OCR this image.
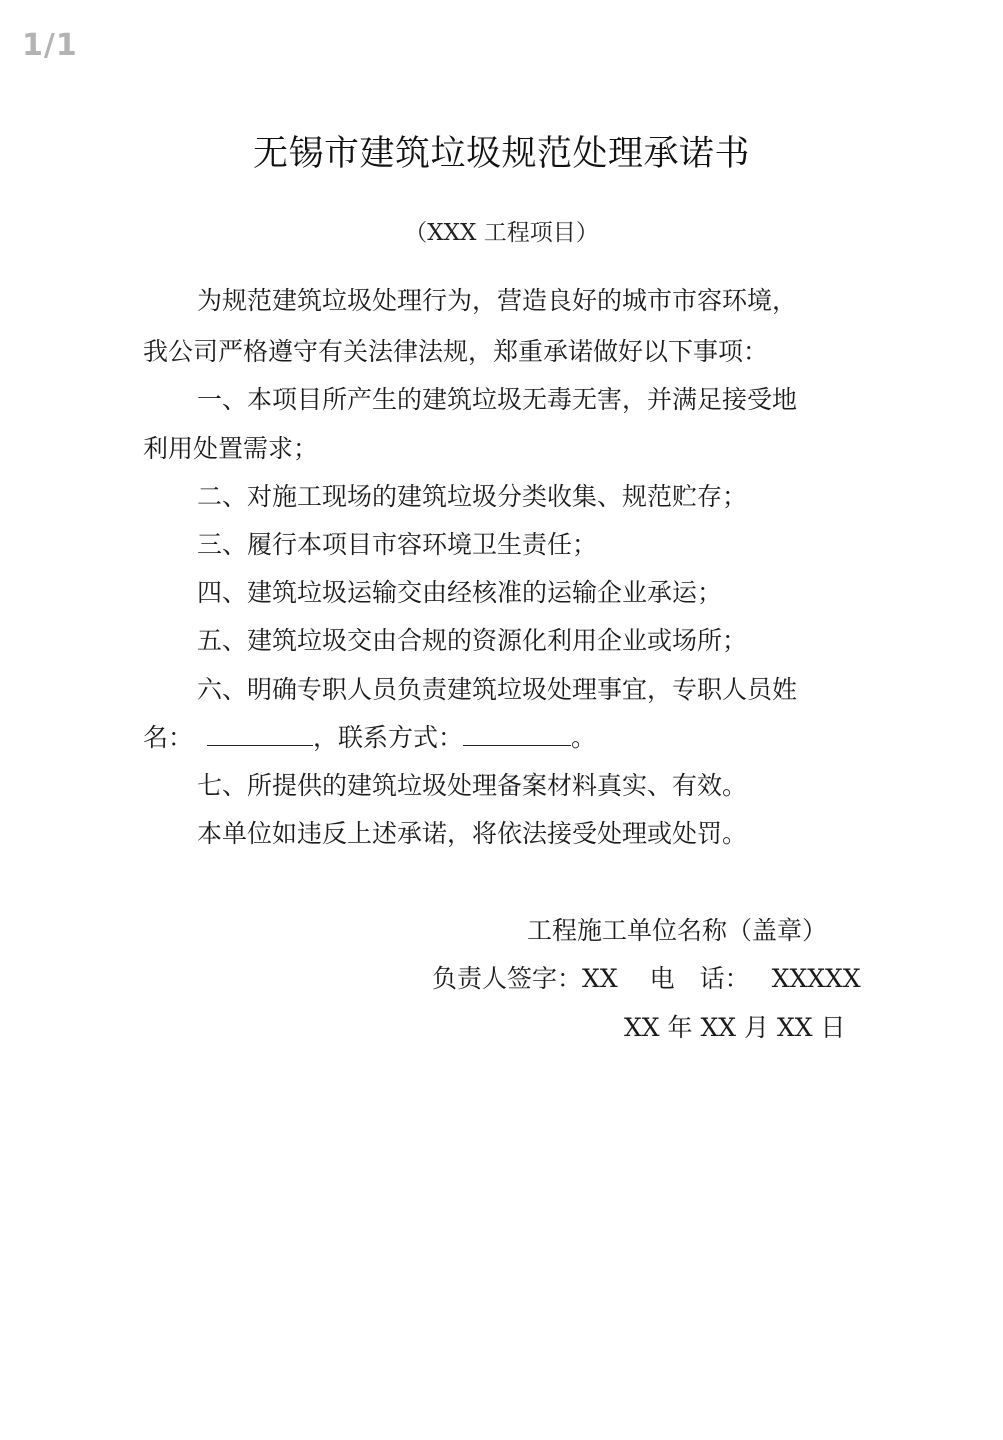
1/1
无锡市建筑垃圾规范处理承诺书
（XXX 工程项目）
为规范建筑垃圾处理行为，营造良好的城市市容环境，
我公司严格遵守有关法律法规，郑重承诺做好以下事项：
一、本项目所产生的建筑垃圾无毒无害，并满足接受地
利用处置需求；
二、对施工现场的建筑垃圾分类收集、规范贮存；
三、履行本项目市容环境卫生责任；
四、建筑垃圾运输交由经核准的运输企业承运；
五、建筑垃圾交由合规的资源化利用企业或场所；
六、明确专职人员负责建筑垃圾处理事宜，专职人员姓
名：	，联系方式：	。
七、所提供的建筑垃圾处理备案材料真实、有效。
本单位如违反上述承诺，将依法接受处理或处罚。
工程施工单位名称（盖章）
负责人签字：XX 电　话： XXXXX
XX 年 XX 月 XX 日
